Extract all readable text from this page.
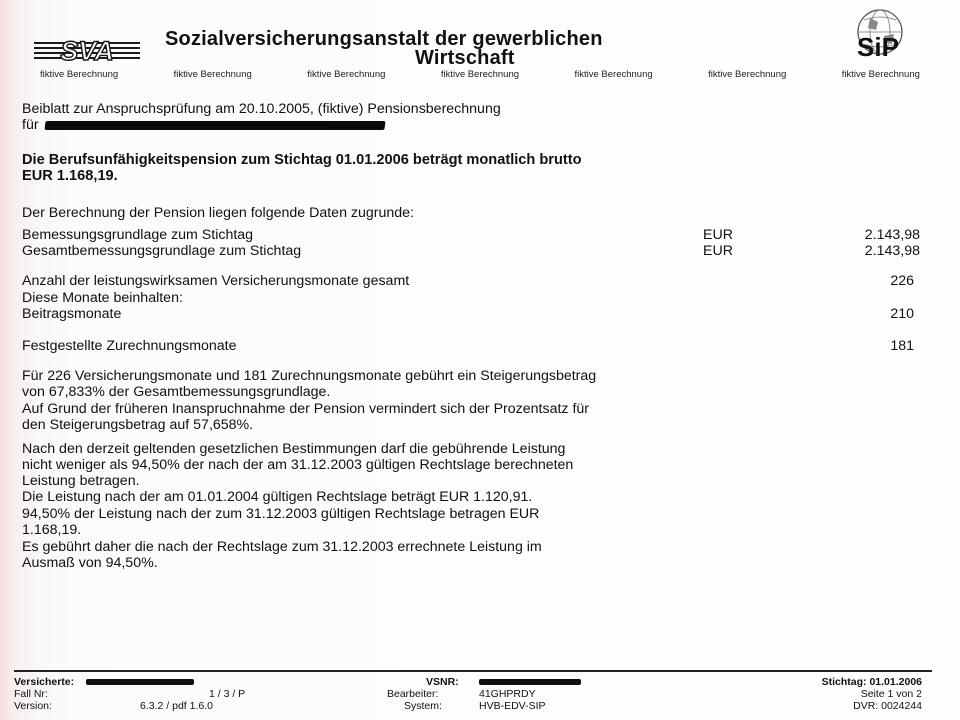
SVA	Sozialversicherungsanstalt der gewerblichen
Wirtschaft	SiP
fiktive Berechnung	fiktive Berechnung	fiktive Berechnung	fiktive Berechnung	fiktive Berechnung	fiktive Berechnung	fiktive Berechnung
Beiblatt zur Anspruchsprüfung am 20.10.2005, (fiktive) Pensionsberechnung
für
Die Berufsunfähigkeitspension zum Stichtag 01.01.2006 beträgt monatlich brutto
EUR 1.168,19.
Der Berechnung der Pension liegen folgende Daten zugrunde:
Bemessungsgrundlage zum Stichtag	EUR	2.143,98
Gesamtbemessungsgrundlage zum Stichtag	EUR	2.143,98
Anzahl der leistungswirksamen Versicherungsmonate gesamt	226
Diese Monate beinhalten:
Beitragsmonate	210
Festgestellte Zurechnungsmonate	181
Für 226 Versicherungsmonate und 181 Zurechnungsmonate gebührt ein Steigerungsbetrag
von 67,833% der Gesamtbemessungsgrundlage.
Auf Grund der früheren Inanspruchnahme der Pension vermindert sich der Prozentsatz für
den Steigerungsbetrag auf 57,658%.
Nach den derzeit geltenden gesetzlichen Bestimmungen darf die gebührende Leistung
nicht weniger als 94,50% der nach der am 31.12.2003 gültigen Rechtslage berechneten
Leistung betragen.
Die Leistung nach der am 01.01.2004 gültigen Rechtslage beträgt EUR 1.120,91.
94,50% der Leistung nach der zum 31.12.2003 gültigen Rechtslage betragen EUR
1.168,19.
Es gebührt daher die nach der Rechtslage zum 31.12.2003 errechnete Leistung im
Ausmaß von 94,50%.
Versicherte:
Fall Nr:	1 / 3 / P
Version:	6.3.2 / pdf 1.6.0
VSNR:
Bearbeiter:	41GHPRDY
System:	HVB-EDV-SIP
Stichtag: 01.01.2006
Seite 1 von 2
DVR: 0024244
